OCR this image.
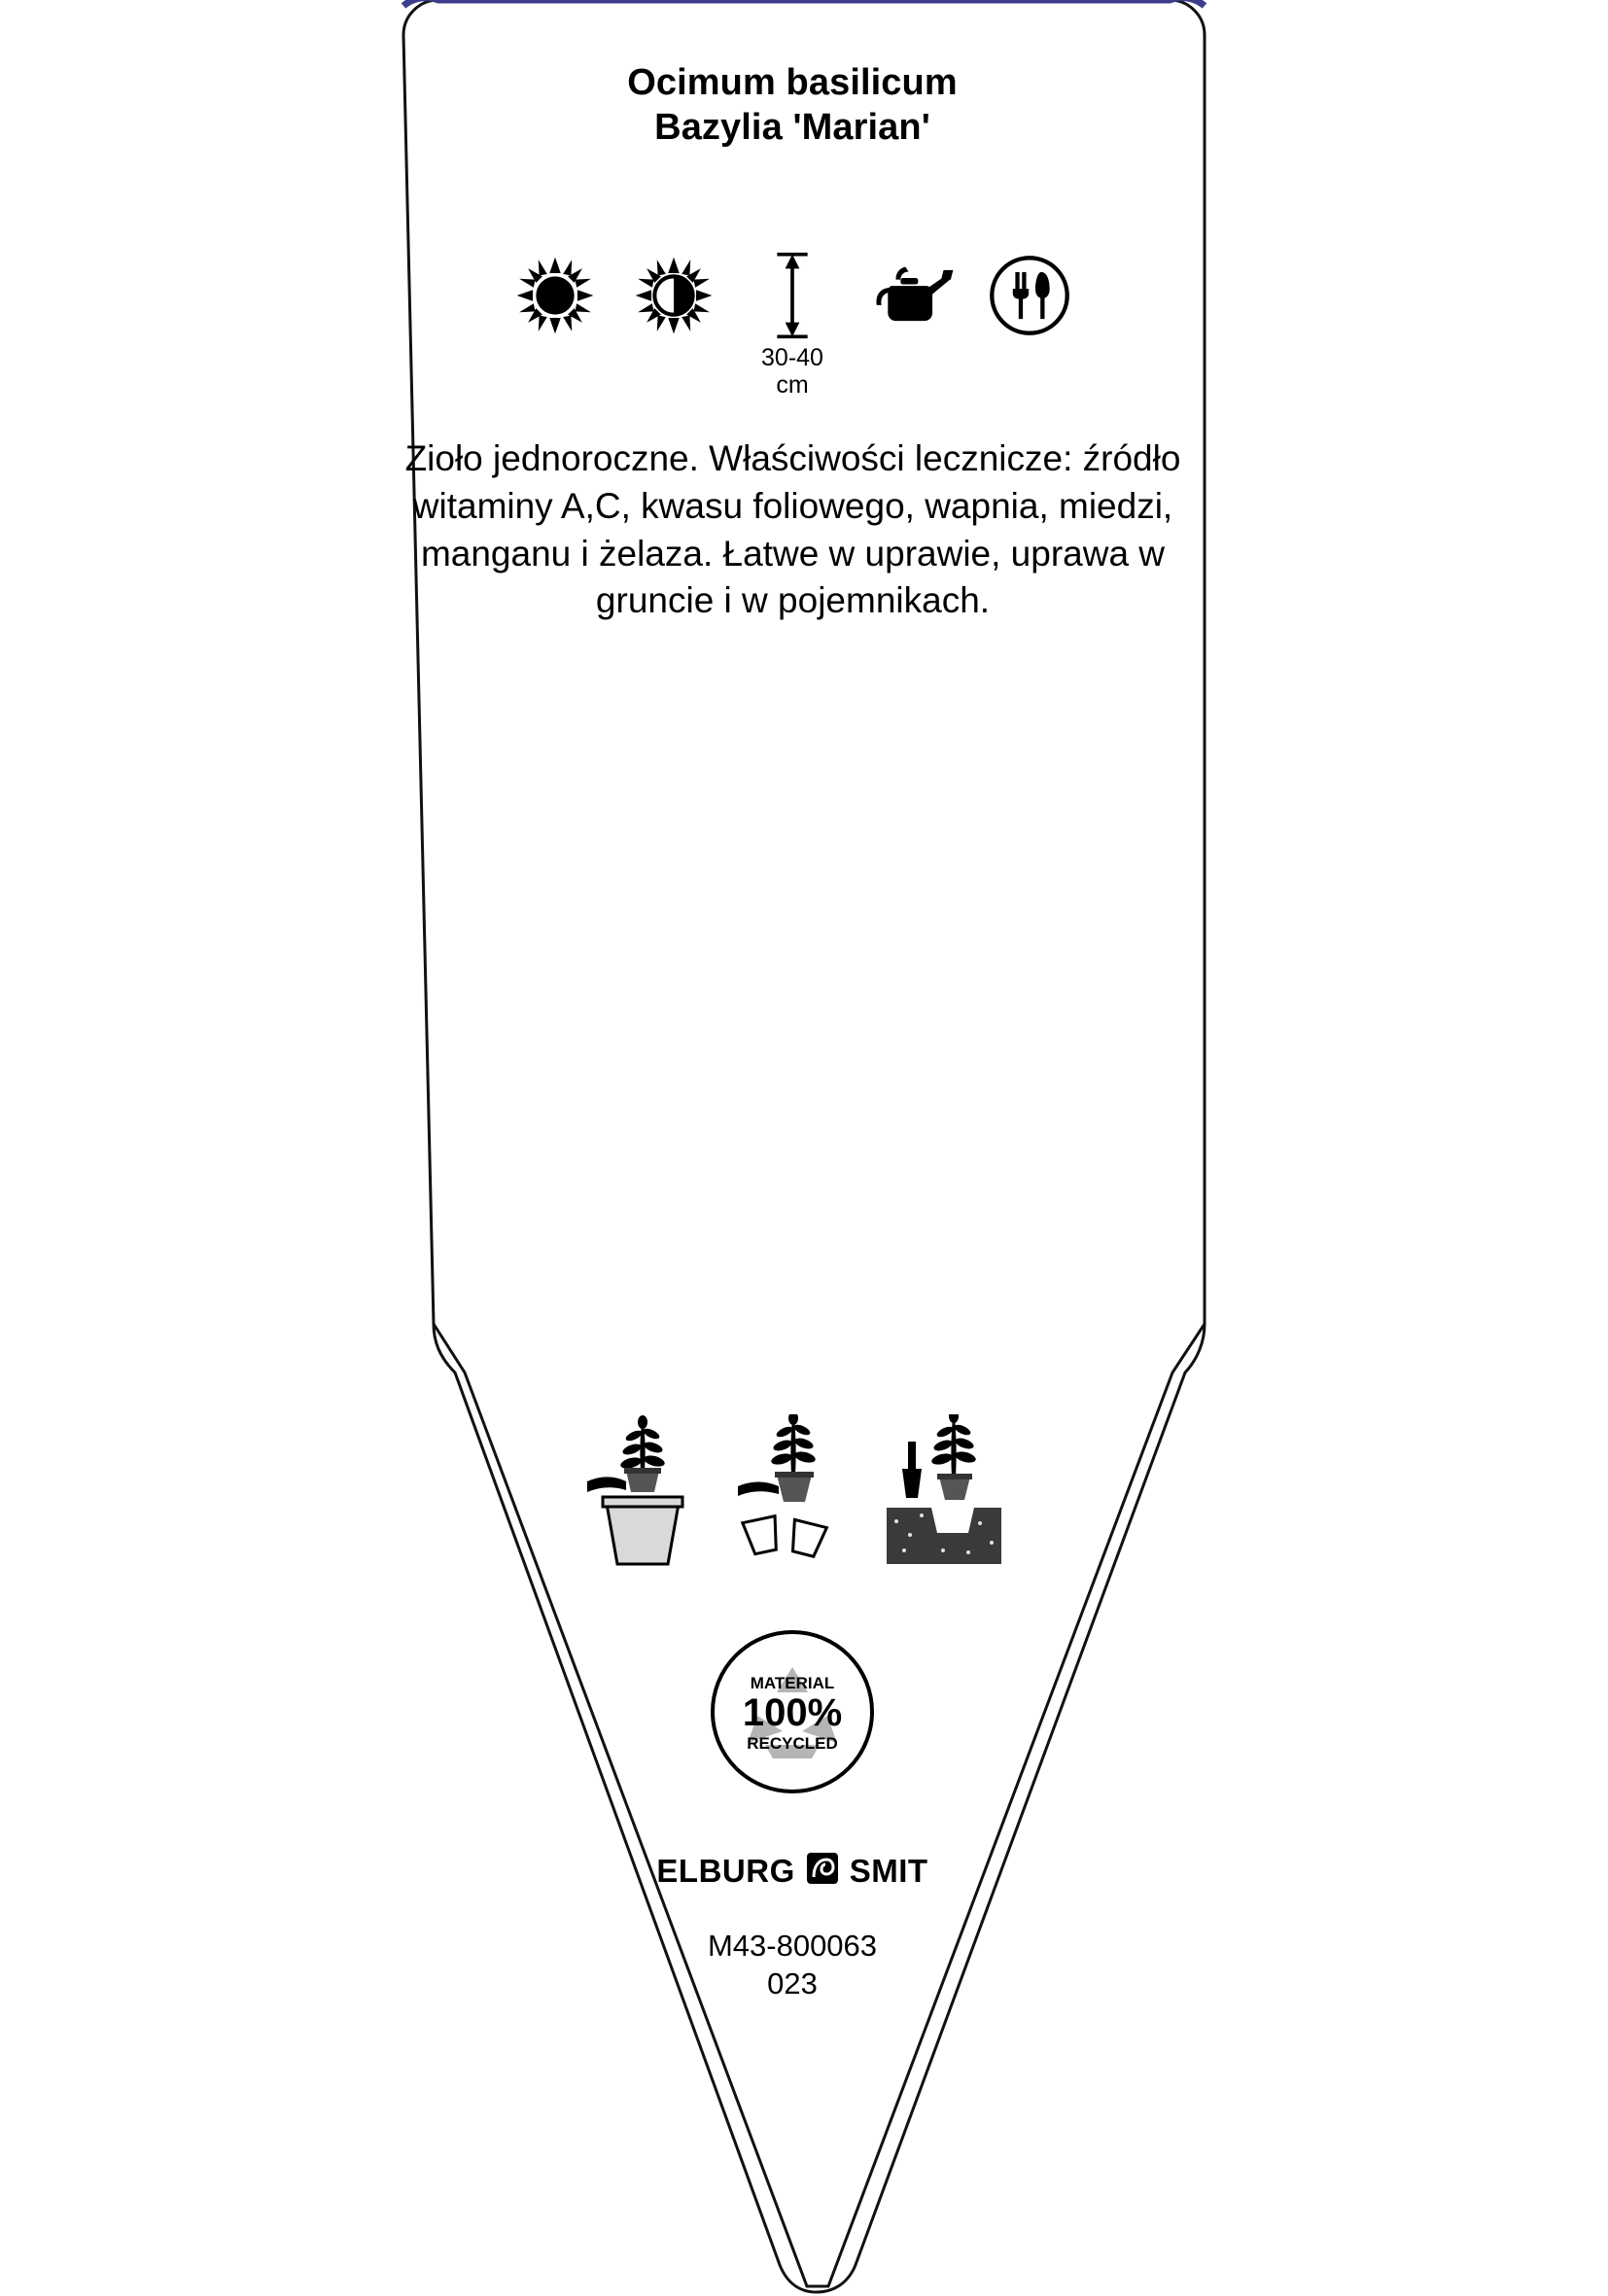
Ocimum basilicum
Bazylia 'Marian'
30-40
cm
Zioło jednoroczne. Właściwości lecznicze: źródło witaminy A,C, kwasu foliowego, wapnia, miedzi, manganu i żelaza. Łatwe w uprawie, uprawa w gruncie i w pojemnikach.
MATERIAL
100%
RECYCLED
ELBURG SMIT
M43-800063
023
